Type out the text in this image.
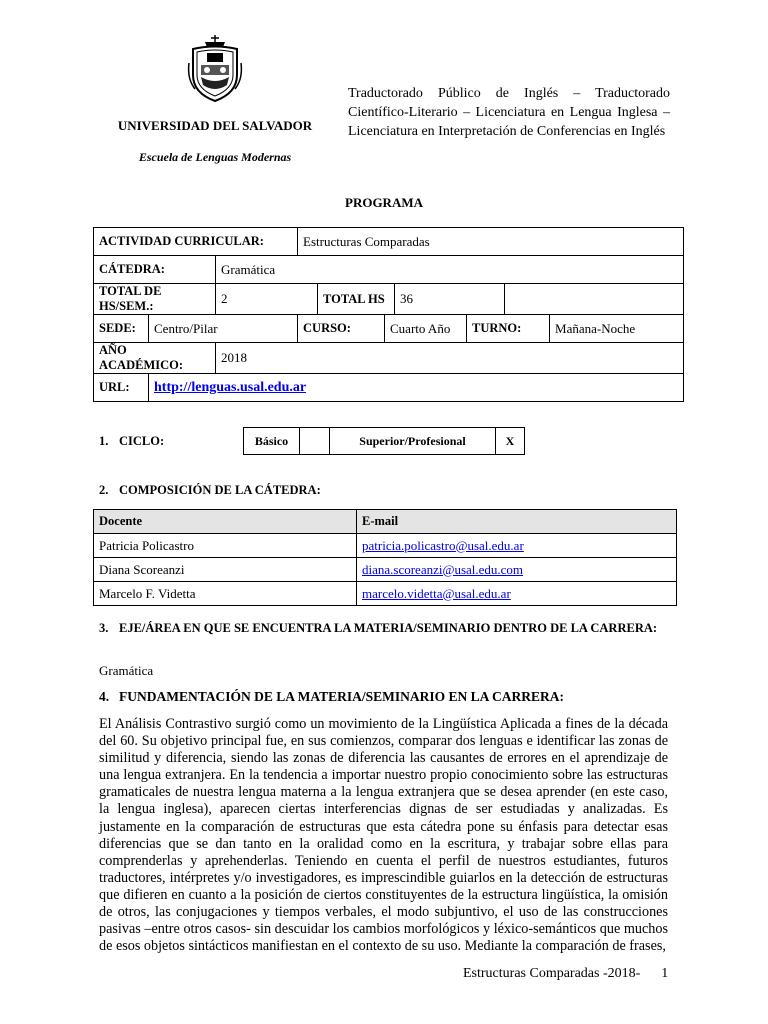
UNIVERSIDAD DEL SALVADOR
Escuela de Lenguas Modernas
Traductorado Público de Inglés – Traductorado Científico-Literario – Licenciatura en Lengua Inglesa – Licenciatura en Interpretación de Conferencias en Inglés
PROGRAMA
ACTIVIDAD CURRICULAR:			Estructuras Comparadas						
CÁTEDRA:		Gramática							
TOTAL DE HS/SEM.:		2		TOTAL HS		36			
SEDE:	Centro/Pilar		CURSO:		Cuarto Año		TURNO:		Mañana-Noche
AÑO ACADÉMICO:		2018							
URL:	http://lenguas.usal.edu.ar								
1. CICLO:	Básico		Superior/Profesional	X
2. COMPOSICIÓN DE LA CÁTEDRA:
Docente	E-mail
Patricia Policastro	patricia.policastro@usal.edu.ar
Diana Scoreanzi	diana.scoreanzi@usal.edu.com
Marcelo F. Videtta	marcelo.videtta@usal.edu.ar
3. EJE/ÁREA EN QUE SE ENCUENTRA LA MATERIA/SEMINARIO DENTRO DE LA CARRERA:
Gramática
4. FUNDAMENTACIÓN DE LA MATERIA/SEMINARIO EN LA CARRERA:
El Análisis Contrastivo surgió como un movimiento de la Lingüística Aplicada a fines de la década del 60. Su objetivo principal fue, en sus comienzos, comparar dos lenguas e identificar las zonas de similitud y diferencia, siendo las zonas de diferencia las causantes de errores en el aprendizaje de una lengua extranjera. En la tendencia a importar nuestro propio conocimiento sobre las estructuras gramaticales de nuestra lengua materna a la lengua extranjera que se desea aprender (en este caso, la lengua inglesa), aparecen ciertas interferencias dignas de ser estudiadas y analizadas. Es justamente en la comparación de estructuras que esta cátedra pone su énfasis para detectar esas diferencias que se dan tanto en la oralidad como en la escritura, y trabajar sobre ellas para comprenderlas y aprehenderlas. Teniendo en cuenta el perfil de nuestros estudiantes, futuros traductores, intérpretes y/o investigadores, es imprescindible guiarlos en la detección de estructuras que difieren en cuanto a la posición de ciertos constituyentes de la estructura lingüística, la omisión de otros, las conjugaciones y tiempos verbales, el modo subjuntivo, el uso de las construcciones pasivas –entre otros casos- sin descuidar los cambios morfológicos y léxico-semánticos que muchos de esos objetos sintácticos manifiestan en el contexto de su uso. Mediante la comparación de frases,
Estructuras Comparadas -2018- 1
